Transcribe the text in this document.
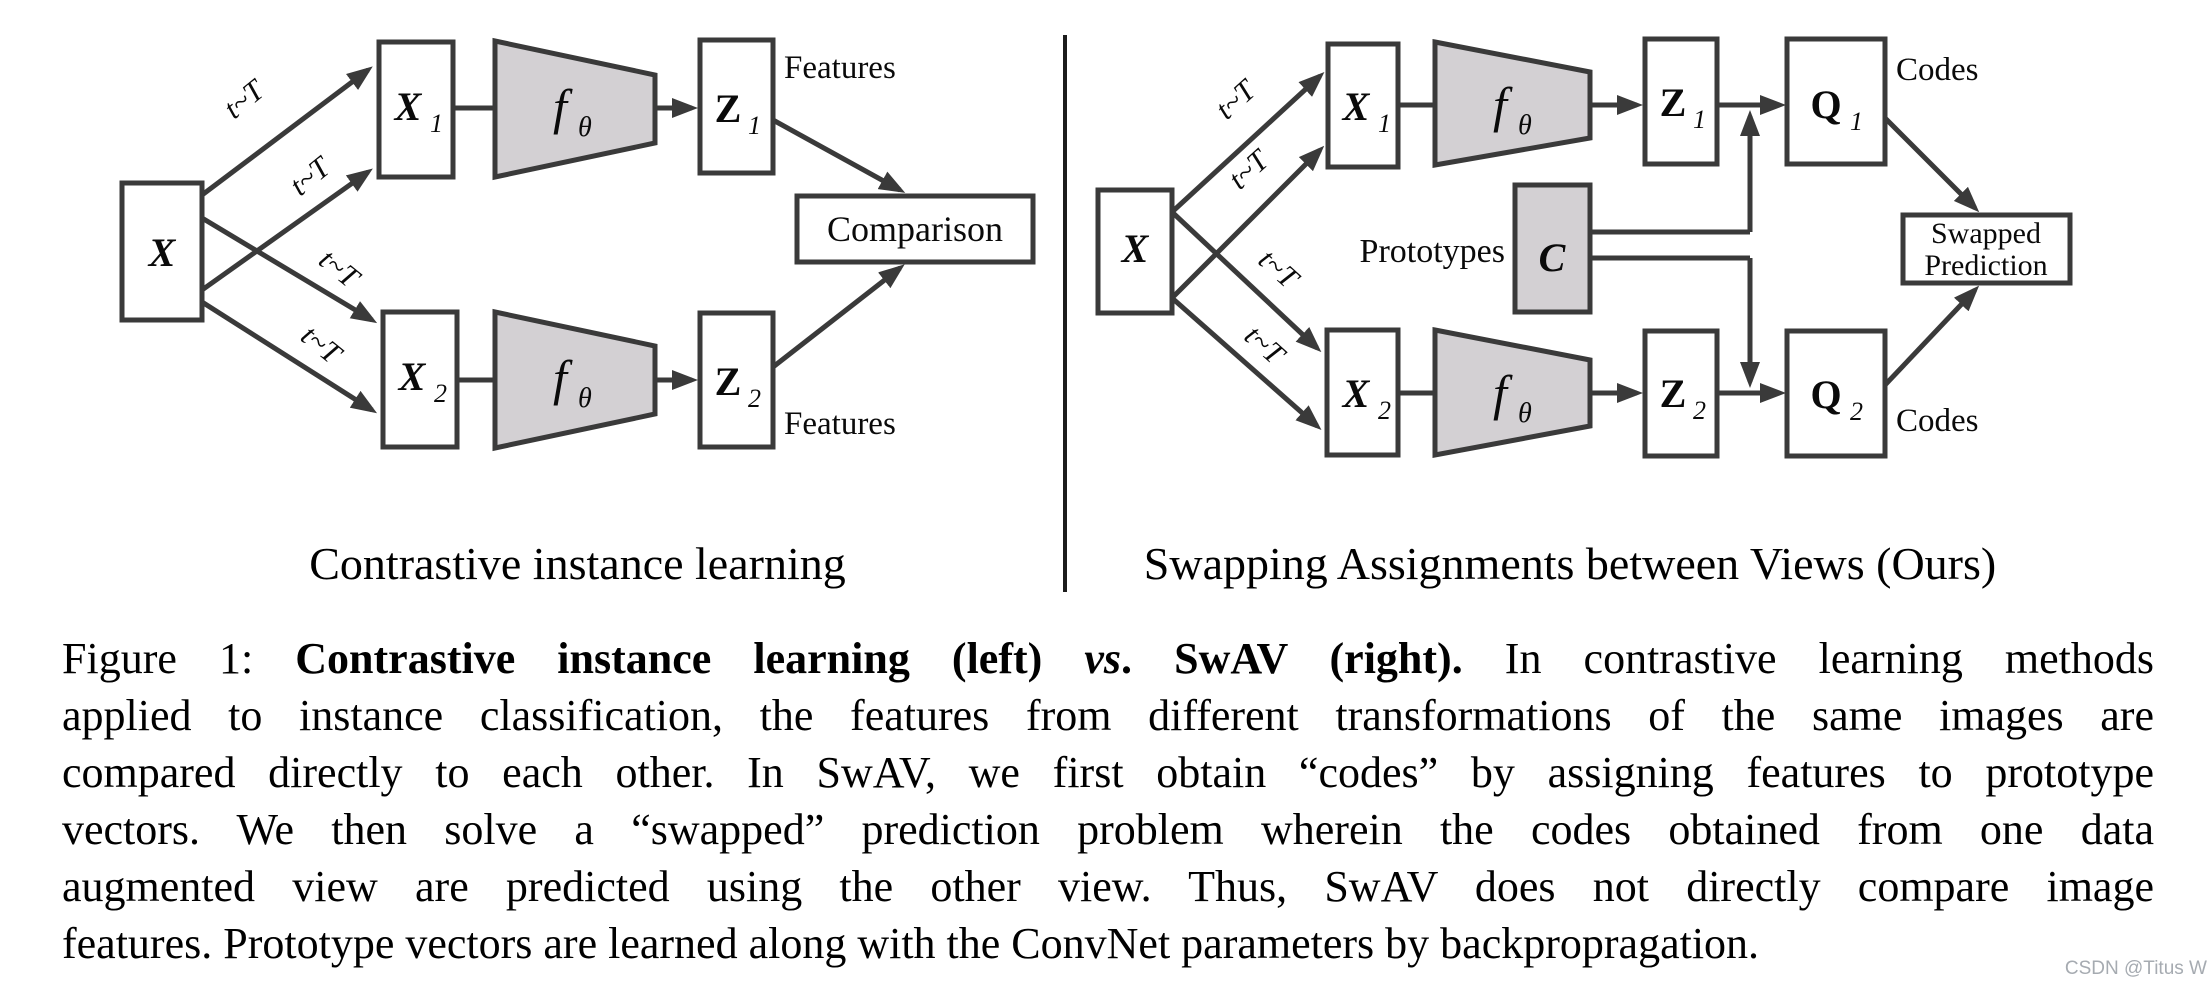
X
X 1
X 2
f θ
f θ
Z 1
Z 2
Features
Features
Comparison
t~T
t~T
t~T
t~T
X
X 1
X 2
f θ
f θ
Z 1
Z 2
Q 1
Q 2
C
Prototypes
Codes
Codes
Swapped
Prediction
t~T
t~T
t~T
t~T
Contrastive instance learning	Swapping Assignments between Views (Ours)
Figure 1: Contrastive instance learning (left) vs. SwAV (right). In contrastive learning methods
applied to instance classification, the features from different transformations of the same images are
compared directly to each other. In SwAV, we first obtain “codes” by assigning features to prototype
vectors. We then solve a “swapped” prediction problem wherein the codes obtained from one data
augmented view are predicted using the other view. Thus, SwAV does not directly compare image
features. Prototype vectors are learned along with the ConvNet parameters by backpropragation.
CSDN @Titus W
